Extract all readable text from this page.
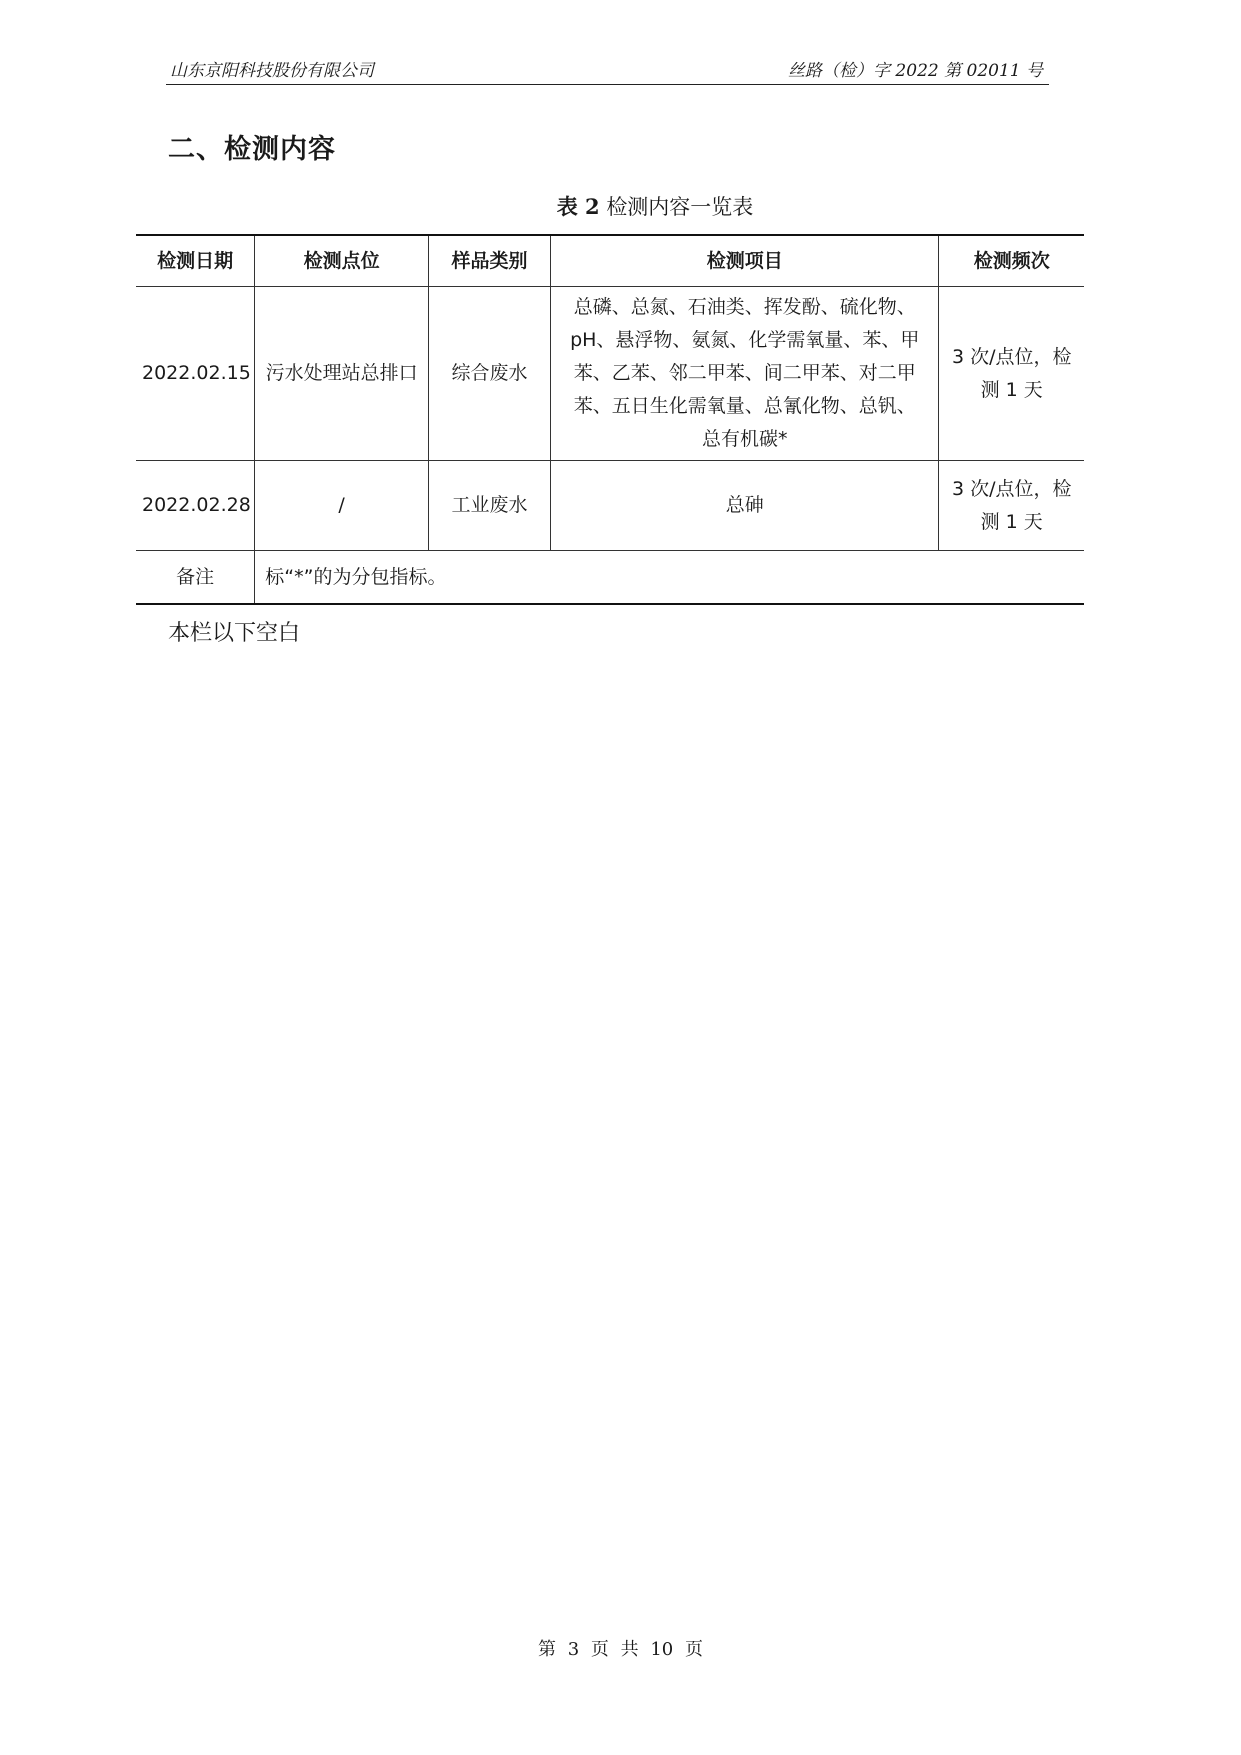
山东京阳科技股份有限公司	丝路（检）字 2022 第 02011 号
二、检测内容
表 2 检测内容一览表
检测日期	检测点位	样品类别	检测项目	检测频次
2022.02.15	污水处理站总排口	综合废水	总磷、总氮、石油类、挥发酚、硫化物、pH、悬浮物、氨氮、化学需氧量、苯、甲苯、乙苯、邻二甲苯、间二甲苯、对二甲苯、五日生化需氧量、总氰化物、总钒、总有机碳*	3 次/点位，检测 1 天
2022.02.28	/	工业废水	总砷	3 次/点位，检测 1 天
备注	标“*”的为分包指标。			
本栏以下空白
第 3 页 共 10 页
